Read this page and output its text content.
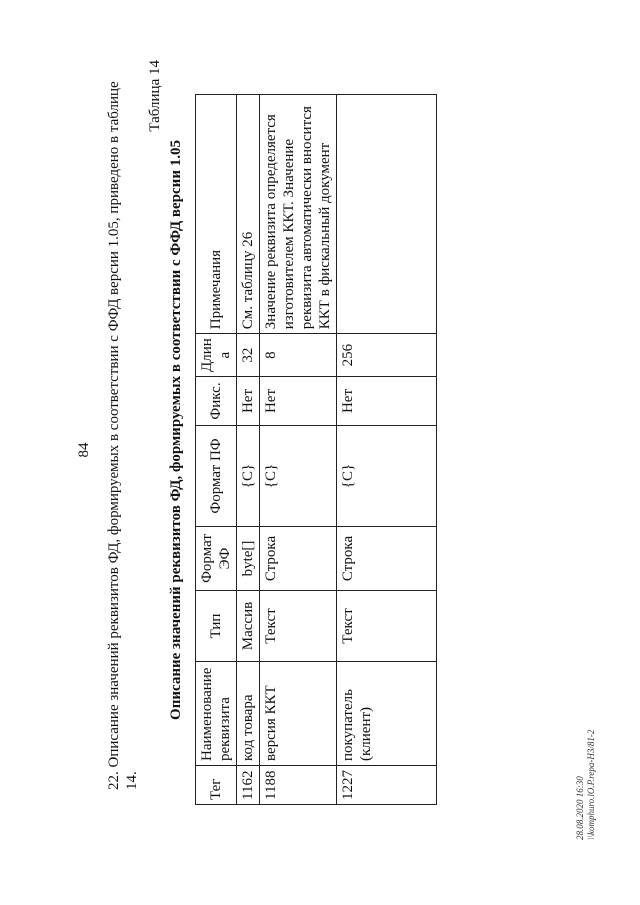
84 22. Описание значений реквизитов ФД, формируемых в соответствии с ФФД версии 1.05, приведено в таблице 14.
Таблица 14
Описание значений реквизитов ФД, формируемых в соответствии с ФФД версии 1.05
Тег	Наименование реквизита	Тип	Формат ЭФ	Формат ПФ	Фикс.	Длин а	Примечания
1162	код товара	Массив	byte[]	{С}	Нет	32	См. таблицу 26
1188	версия ККТ	Текст	Строка	{С}	Нет	8	Значение реквизита определяется изготовителем ККТ. Значение реквизита автоматически вносится ККТ в фискальный документ
1227	покупатель (клиент)	Текст	Строка	{С}	Нет	256	
28.08.2020 16:30 \\komphuro.lO.P.repa-H3/81-2
